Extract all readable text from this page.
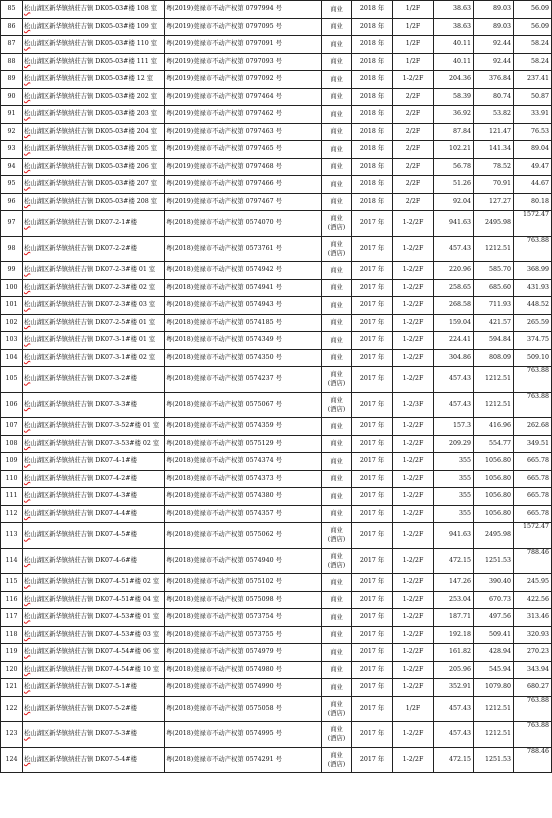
85	松山湖区新华镇纳莊吉镇 DK05-03#楼 108 室	粤(2019)莞禄市不动产权第 0797994 号	商业	2018 年	1/2F	38.63	89.03	56.09
86	松山湖区新华镇纳莊吉镇 DK05-03#楼 109 室	粤(2019)莞禄市不动产权第 0797095 号	商业	2018 年	1/2F	38.63	89.03	56.09
87	松山湖区新华镇纳莊吉镇 DK05-03#楼 110 室	粤(2019)莞禄市不动产权第 0797091 号	商业	2018 年	1/2F	40.11	92.44	58.24
88	松山湖区新华镇纳莊吉镇 DK05-03#楼 111 室	粤(2019)莞禄市不动产权第 0797093 号	商业	2018 年	1/2F	40.11	92.44	58.24
89	松山湖区新华镇纳莊吉镇 DK05-03#楼 12 室	粤(2019)莞禄市不动产权第 0797092 号	商业	2018 年	1-2/2F	204.36	376.84	237.41
90	松山湖区新华镇纳莊吉镇 DK05-03#楼 202 室	粤(2019)莞禄市不动产权第 0797464 号	商业	2018 年	2/2F	58.39	80.74	50.87
91	松山湖区新华镇纳莊吉镇 DK05-03#楼 203 室	粤(2019)莞禄市不动产权第 0797462 号	商业	2018 年	2/2F	36.92	53.82	33.91
92	松山湖区新华镇纳莊吉镇 DK05-03#楼 204 室	粤(2019)莞禄市不动产权第 0797463 号	商业	2018 年	2/2F	87.84	121.47	76.53
93	松山湖区新华镇纳莊吉镇 DK05-03#楼 205 室	粤(2019)莞禄市不动产权第 0797465 号	商业	2018 年	2/2F	102.21	141.34	89.04
94	松山湖区新华镇纳莊吉镇 DK05-03#楼 206 室	粤(2019)莞禄市不动产权第 0797468 号	商业	2018 年	2/2F	56.78	78.52	49.47
95	松山湖区新华镇纳莊吉镇 DK05-03#楼 207 室	粤(2019)莞禄市不动产权第 0797466 号	商业	2018 年	2/2F	51.26	70.91	44.67
96	松山湖区新华镇纳莊吉镇 DK05-03#楼 208 室	粤(2019)莞禄市不动产权第 0797467 号	商业	2018 年	2/2F	92.04	127.27	80.18
97	松山湖区新华镇纳莊吉镇 DK07-2-1#楼	粤(2018)莞禄市不动产权第 0574070 号	商业
(酒店)	2017 年	1-2/2F	941.63	2495.98	1572.47
98	松山湖区新华镇纳莊吉镇 DK07-2-2#楼	粤(2018)莞禄市不动产权第 0573761 号	商业
(酒店)	2017 年	1-2/2F	457.43	1212.51	763.88
99	松山湖区新华镇纳莊吉镇 DK07-2-3#楼 01 室	粤(2018)莞禄市不动产权第 0574942 号	商业	2017 年	1-2/2F	220.96	585.70	368.99
100	松山湖区新华镇纳莊吉镇 DK07-2-3#楼 02 室	粤(2018)莞禄市不动产权第 0574941 号	商业	2017 年	1-2/2F	258.65	685.60	431.93
101	松山湖区新华镇纳莊吉镇 DK07-2-3#楼 03 室	粤(2018)莞禄市不动产权第 0574943 号	商业	2017 年	1-2/2F	268.58	711.93	448.52
102	松山湖区新华镇纳莊吉镇 DK07-2-5#楼 01 室	粤(2018)莞禄市不动产权第 0574185 号	商业	2017 年	1-2/2F	159.04	421.57	265.59
103	松山湖区新华镇纳莊吉镇 DK07-3-1#楼 01 室	粤(2018)莞禄市不动产权第 0574349 号	商业	2017 年	1-2/2F	224.41	594.84	374.75
104	松山湖区新华镇纳莊吉镇 DK07-3-1#楼 02 室	粤(2018)莞禄市不动产权第 0574350 号	商业	2017 年	1-2/2F	304.86	808.09	509.10
105	松山湖区新华镇纳莊吉镇 DK07-3-2#楼	粤(2018)莞禄市不动产权第 0574237 号	商业
(酒店)	2017 年	1-2/2F	457.43	1212.51	763.88
106	松山湖区新华镇纳莊吉镇 DK07-3-3#楼	粤(2018)莞禄市不动产权第 0575067 号	商业
(酒店)	2017 年	1-2/3F	457.43	1212.51	763.88
107	松山湖区新华镇纳莊吉镇 DK07-3-52#楼 01 室	粤(2018)莞禄市不动产权第 0574359 号	商业	2017 年	1-2/2F	157.3	416.96	262.68
108	松山湖区新华镇纳莊吉镇 DK07-3-53#楼 02 室	粤(2018)莞禄市不动产权第 0575129 号	商业	2017 年	1-2/2F	209.29	554.77	349.51
109	松山湖区新华镇纳莊吉镇 DK07-4-1#楼	粤(2018)莞禄市不动产权第 0574374 号	商业	2017 年	1-2/2F	355	1056.80	665.78
110	松山湖区新华镇纳莊吉镇 DK07-4-2#楼	粤(2018)莞禄市不动产权第 0574373 号	商业	2017 年	1-2/2F	355	1056.80	665.78
111	松山湖区新华镇纳莊吉镇 DK07-4-3#楼	粤(2018)莞禄市不动产权第 0574380 号	商业	2017 年	1-2/2F	355	1056.80	665.78
112	松山湖区新华镇纳莊吉镇 DK07-4-4#楼	粤(2018)莞禄市不动产权第 0574357 号	商业	2017 年	1-2/2F	355	1056.80	665.78
113	松山湖区新华镇纳莊吉镇 DK07-4-5#楼	粤(2018)莞禄市不动产权第 0575062 号	商业
(酒店)	2017 年	1-2/2F	941.63	2495.98	1572.47
114	松山湖区新华镇纳莊吉镇 DK07-4-6#楼	粤(2018)莞禄市不动产权第 0574940 号	商业
(酒店)	2017 年	1-2/2F	472.15	1251.53	788.46
115	松山湖区新华镇纳莊吉镇 DK07-4-51#楼 02 室	粤(2018)莞禄市不动产权第 0575102 号	商业	2017 年	1-2/2F	147.26	390.40	245.95
116	松山湖区新华镇纳莊吉镇 DK07-4-51#楼 04 室	粤(2018)莞禄市不动产权第 0575098 号	商业	2017 年	1-2/2F	253.04	670.73	422.56
117	松山湖区新华镇纳莊吉镇 DK07-4-53#楼 01 室	粤(2018)莞禄市不动产权第 0573754 号	商业	2017 年	1-2/2F	187.71	497.56	313.46
118	松山湖区新华镇纳莊吉镇 DK07-4-53#楼 03 室	粤(2018)莞禄市不动产权第 0573755 号	商业	2017 年	1-2/2F	192.18	509.41	320.93
119	松山湖区新华镇纳莊吉镇 DK07-4-54#楼 06 室	粤(2018)莞禄市不动产权第 0574979 号	商业	2017 年	1-2/2F	161.82	428.94	270.23
120	松山湖区新华镇纳莊吉镇 DK07-4-54#楼 10 室	粤(2018)莞禄市不动产权第 0574980 号	商业	2017 年	1-2/2F	205.96	545.94	343.94
121	松山湖区新华镇纳莊吉镇 DK07-5-1#楼	粤(2018)莞禄市不动产权第 0574990 号	商业	2017 年	1-2/2F	352.91	1079.80	680.27
122	松山湖区新华镇纳莊吉镇 DK07-5-2#楼	粤(2018)莞禄市不动产权第 0575058 号	商业
(酒店)	2017 年	1/2F	457.43	1212.51	763.88
123	松山湖区新华镇纳莊吉镇 DK07-5-3#楼	粤(2018)莞禄市不动产权第 0574995 号	商业
(酒店)	2017 年	1-2/2F	457.43	1212.51	763.88
124	松山湖区新华镇纳莊吉镇 DK07-5-4#楼	粤(2018)莞禄市不动产权第 0574291 号	商业
(酒店)	2017 年	1-2/2F	472.15	1251.53	788.46
